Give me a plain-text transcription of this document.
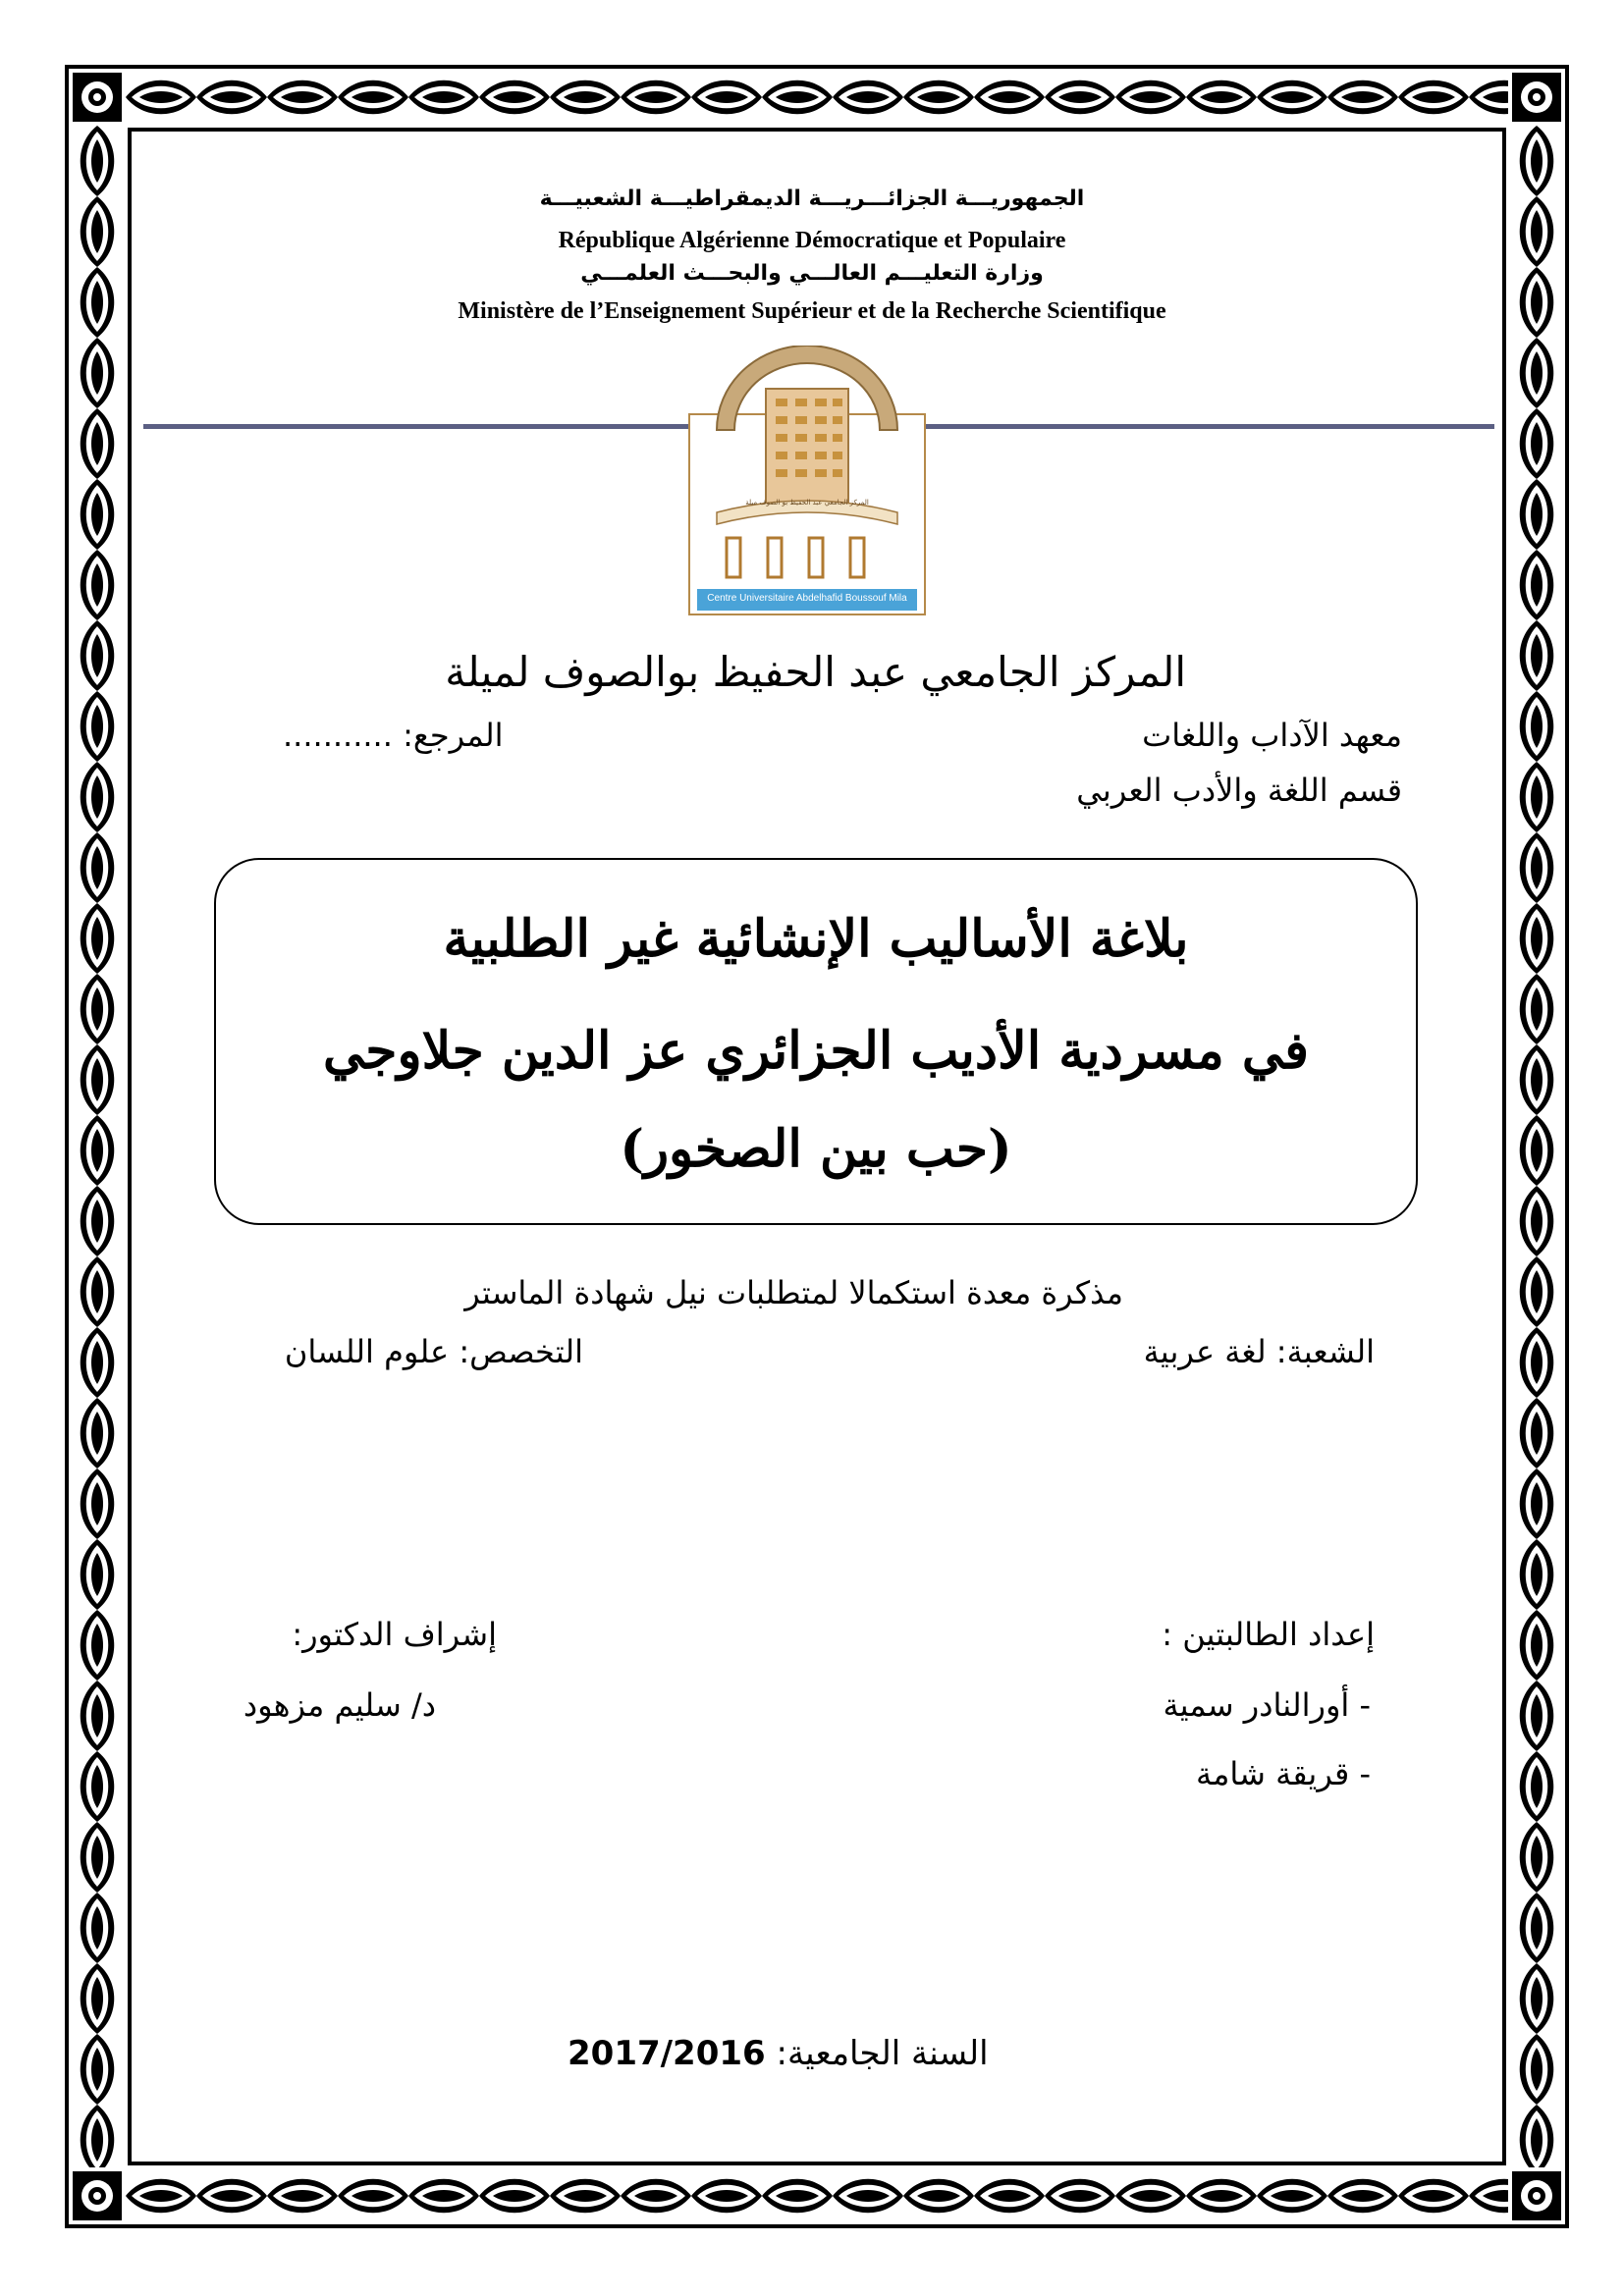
الجمهوريـــة الجزائـــريـــة الديمقراطيـــة الشعبيـــة
République Algérienne Démocratique et Populaire
وزارة التعليـــم العالـــي والبحـــث العلمـــي
Ministère de l’Enseignement Supérieur et de la Recherche Scientifique
المركز الجامعي عبد الحفيظ بو الصوف ميلة
Centre Universitaire Abdelhafid Boussouf Mila
المركز الجامعي عبد الحفيظ بوالصوف لميلة
معهد الآداب واللغات
المرجع: ...........
قسم اللغة والأدب العربي
بلاغة الأساليب الإنشائية غير الطلبية
في مسردية الأديب الجزائري عز الدين جلاوجي
(حب بين الصخور)
مذكرة معدة استكمالا لمتطلبات نيل شهادة الماستر
الشعبة: لغة عربية
التخصص: علوم اللسان
إعداد الطالبتين :
- أورالنادر سمية
- قريقة شامة
إشراف الدكتور:
د/ سليم مزهود
السنة الجامعية: 2017/2016
